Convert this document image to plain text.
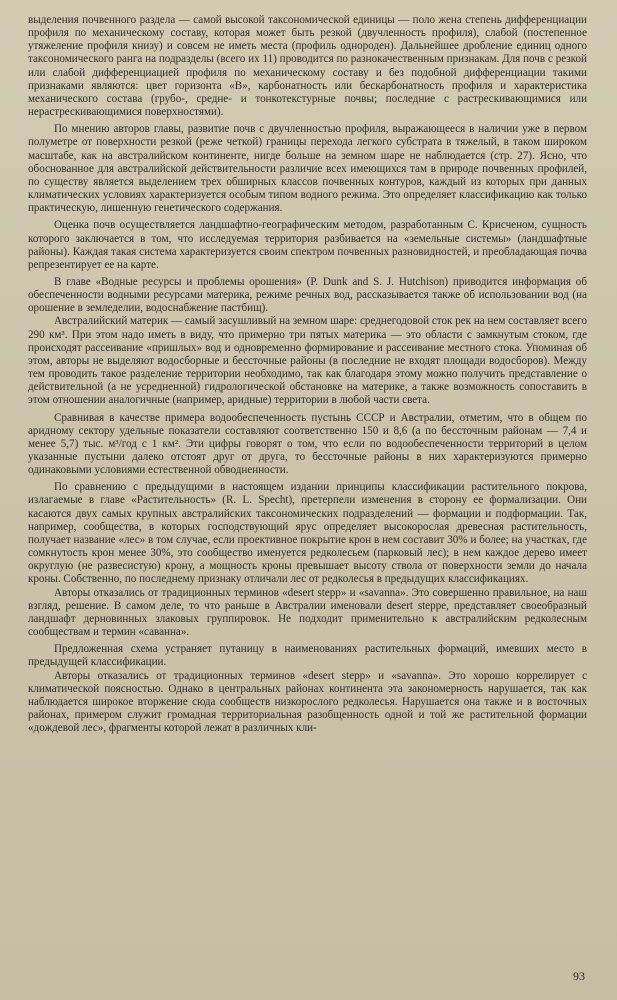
выделения почвенного раздела — самой высокой таксономической единицы — поло жена степень дифференциации профиля по механическому составу, которая может быть резкой (двучленность профиля), слабой (постепенное утяжеление профиля книзу) и совсем не иметь места (профиль однороден). Дальнейшее дробление единиц одного таксономического ранга на подразделы (всего их 11) проводится по разнокачественным признакам. Для почв с резкой или слабой дифференциацией профиля по механическому составу и без подобной дифференциации такими признаками являются: цвет горизонта «В», карбонатность или бескарбонатность профиля и характеристика механического состава (грубо-, средне- и тонкотекстурные почвы; последние с растрескивающимися или нерастрескивающимися поверхностями).

По мнению авторов главы, развитие почв с двучленностью профиля, выражающееся в наличии уже в первом полуметре от поверхности резкой (реже четкой) границы перехода легкого субстрата в тяжелый, в таком широком масштабе, как на австралийском континенте, нигде больше на земном шаре не наблюдается (стр. 27). Ясно, что обоснованное для австралийской действительности различие всех имеющихся там в природе почвенных профилей, по существу является выделением трех обширных классов почвенных контуров, каждый из которых при данных климатических условиях характеризуется особым типом водного режима. Это определяет классификацию как только практическую, лишенную генетического содержания.

Оценка почв осуществляется ландшафтно-географическим методом, разработанным С. Крисченом, сущность которого заключается в том, что исследуемая территория разбивается на «земельные системы» (ландшафтные районы). Каждая такая система характеризуется своим спектром почвенных разновидностей, и преобладающая почва репрезентирует ее на карте.

В главе «Водные ресурсы и проблемы орошения» (P. Dunk and S. J. Hutchison) приводится информация об обеспеченности водными ресурсами материка, режиме речных вод, рассказывается также об использовании вод (на орошение в земледелии, водоснабжение пастбищ).

Австралийский материк — самый засушливый на земном шаре: среднегодовой сток рек на нем составляет всего 290 км³. При этом надо иметь в виду, что примерно три пятых материка — это области с замкнутым стоком, где происходят рассеивание «пришлых» вод и одновременно формирование и рассеивание местного стока. Упоминая об этом, авторы не выделяют водосборные и бессточные районы (в последние не входят площади водосборов). Между тем проводить такое разделение территории необходимо, так как благодаря этому можно получить представление о действительной (а не усредненной) гидрологической обстановке на материке, а также возможность сопоставить в этом отношении аналогичные (например, аридные) территории в любой части света.

Сравнивая в качестве примера водообеспеченность пустынь СССР и Австралии, отметим, что в общем по аридному сектору удельные показатели составляют соответственно 150 и 8,6 (а по бессточным районам — 7,4 и менее 5,7) тыс. м³/год с 1 км². Эти цифры говорят о том, что если по водообеспеченности территорий в целом указанные пустыни далеко отстоят друг от друга, то бессточные районы в них характеризуются примерно одинаковыми условиями естественной обводненности.

По сравнению с предыдущими в настоящем издании принципы классификации растительного покрова, излагаемые в главе «Растительность» (R. L. Specht), претерпели изменения в сторону ее формализации. Они касаются двух самых крупных австралийских таксономических подразделений — формации и подформации. Так, например, сообщества, в которых господствующий ярус определяет высокорослая древесная растительность, получает название «лес» в том случае, если проективное покрытие крон в нем составит 30% и более; на участках, где сомкнутость крон менее 30%, это сообщество именуется редколесьем (парковый лес); в нем каждое дерево имеет округлую (не развесистую) крону, а мощность кроны превышает высоту ствола от поверхности земли до начала кроны. Собственно, по последнему признаку отличали лес от редколесья в предыдущих классификациях.

Авторы отказались от традиционных терминов «desert stepp» и «savanna». Это совершенно правильное, на наш взгляд, решение. В самом деле, то что раньше в Австралии именовали desert steppe, представляет своеобразный ландшафт дерновинных злаковых группировок. Не подходит применительно к австралийским редколесным сообществам и термин «саванна».

Предложенная схема устраняет путаницу в наименованиях растительных формаций, имевших место в предыдущей классификации.

Авторы отказались от традиционных терминов «desert stepp» и «savanna». Это хорошо коррелирует с климатической поясностью. Однако в центральных районах континента эта закономерность нарушается, так как наблюдается широкое вторжение сюда сообществ низкорослого редколесья. Нарушается она также и в восточных районах, примером служит громадная территориальная разобщенность одной и той же растительной формации «дождевой лес», фрагменты которой лежат в различных кли-

93
